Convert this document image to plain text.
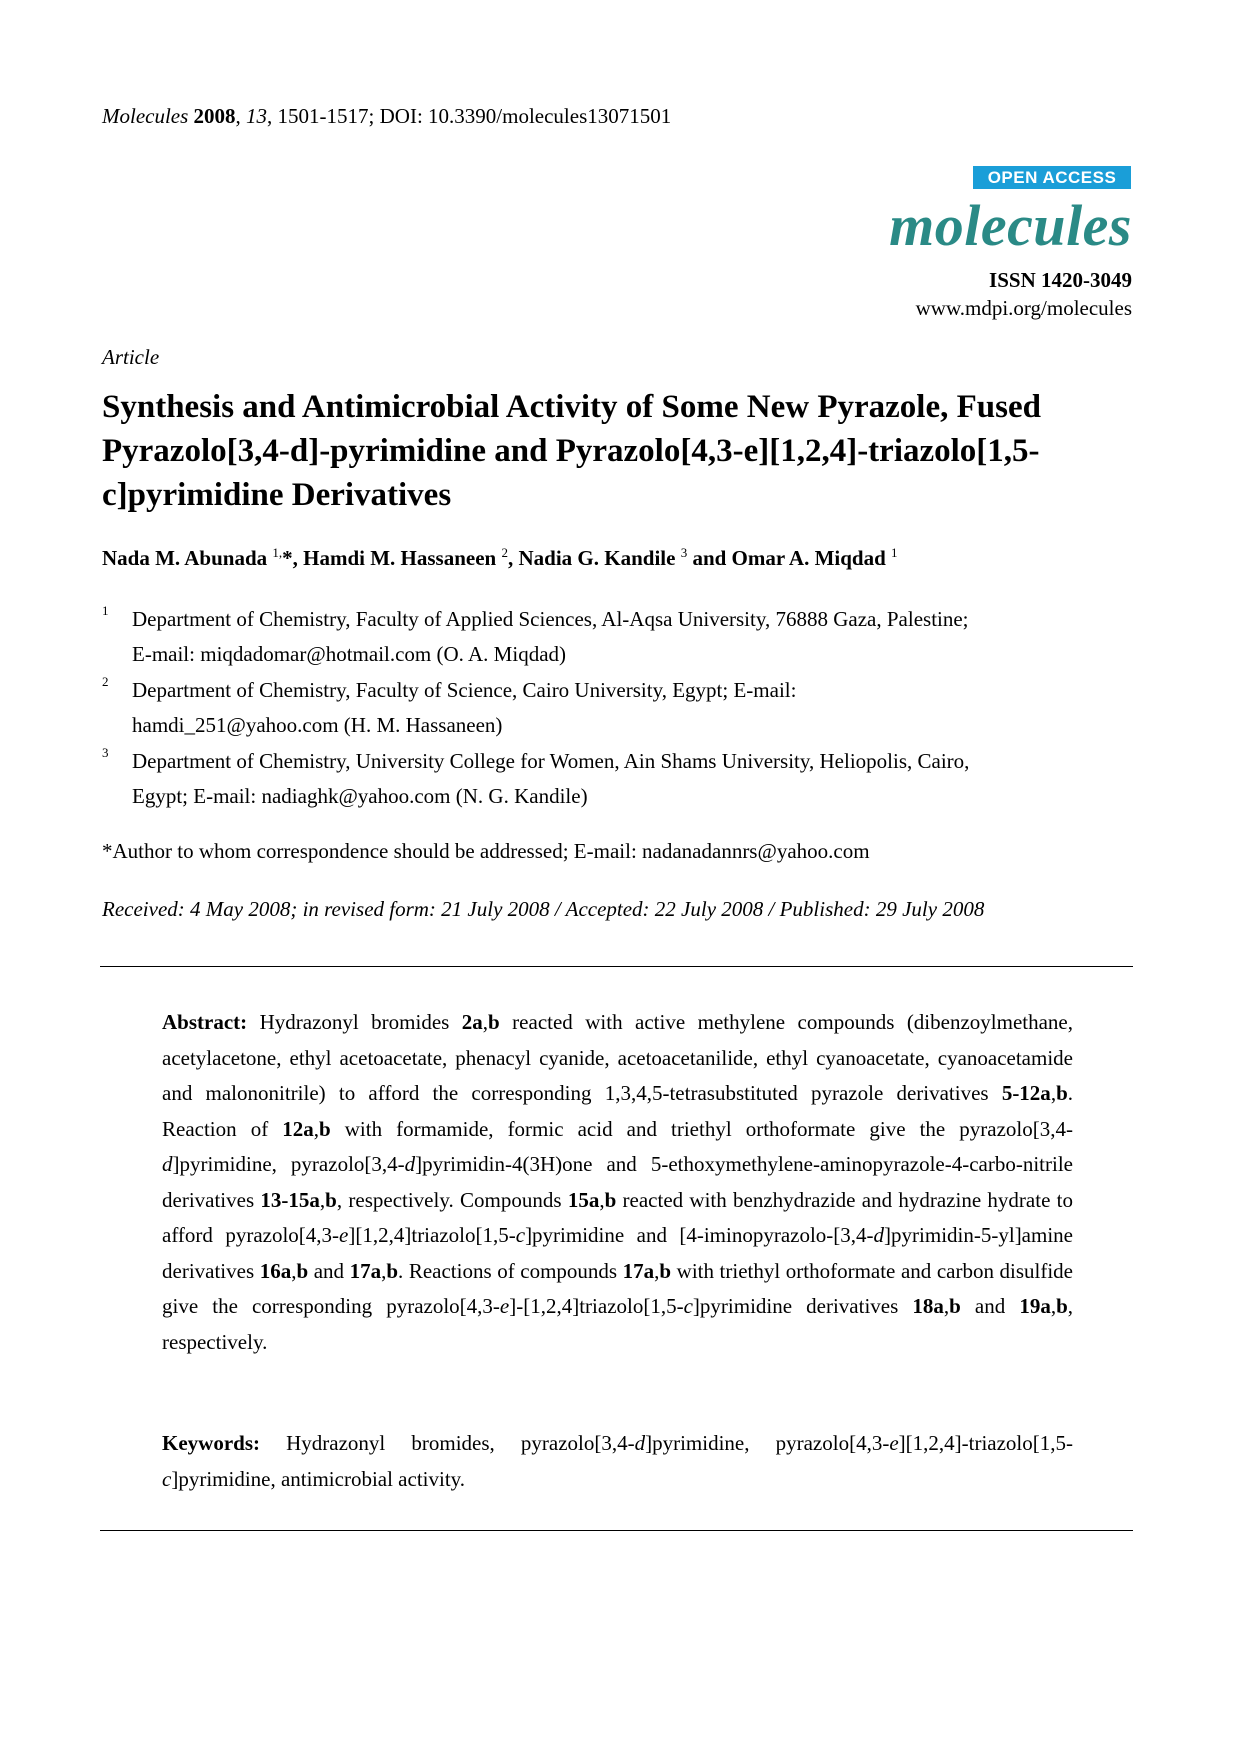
Molecules 2008, 13, 1501-1517; DOI: 10.3390/molecules13071501
OPEN ACCESS
molecules
ISSN 1420-3049
www.mdpi.org/molecules
Article
Synthesis and Antimicrobial Activity of Some New Pyrazole, Fused Pyrazolo[3,4-d]-pyrimidine and Pyrazolo[4,3-e][1,2,4]-triazolo[1,5-c]pyrimidine Derivatives
Nada M. Abunada $^{1,}$*, Hamdi M. Hassaneen $^2$, Nadia G. Kandile $^3$ and Omar A. Miqdad $^1$
1 Department of Chemistry, Faculty of Applied Sciences, Al-Aqsa University, 76888 Gaza, Palestine;
E-mail: miqdadomar@hotmail.com (O. A. Miqdad)
2 Department of Chemistry, Faculty of Science, Cairo University, Egypt; E-mail:
hamdi_251@yahoo.com (H. M. Hassaneen)
3 Department of Chemistry, University College for Women, Ain Shams University, Heliopolis, Cairo,
Egypt; E-mail: nadiaghk@yahoo.com (N. G. Kandile)
*Author to whom correspondence should be addressed; E-mail: nadanadannrs@yahoo.com
Received: 4 May 2008; in revised form: 21 July 2008 / Accepted: 22 July 2008 / Published: 29 July 2008

Abstract: Hydrazonyl bromides 2a,b reacted with active methylene compounds (dibenzoylmethane, acetylacetone, ethyl acetoacetate, phenacyl cyanide, acetoacetanilide, ethyl cyanoacetate, cyanoacetamide and malononitrile) to afford the corresponding 1,3,4,5-tetrasubstituted pyrazole derivatives 5-12a,b. Reaction of 12a,b with formamide, formic acid and triethyl orthoformate give the pyrazolo[3,4-d]pyrimidine, pyrazolo[3,4-d]pyrimidin-4(3H)one and 5-ethoxymethylene-aminopyrazole-4-carbo-nitrile derivatives 13-15a,b, respectively. Compounds 15a,b reacted with benzhydrazide and hydrazine hydrate to afford pyrazolo[4,3-e][1,2,4]triazolo[1,5-c]pyrimidine and [4-iminopyrazolo-[3,4-d]pyrimidin-5-yl]amine derivatives 16a,b and 17a,b. Reactions of compounds 17a,b with triethyl orthoformate and carbon disulfide give the corresponding pyrazolo[4,3-e]-[1,2,4]triazolo[1,5-c]pyrimidine derivatives 18a,b and 19a,b, respectively.

Keywords: Hydrazonyl bromides, pyrazolo[3,4-d]pyrimidine, pyrazolo[4,3-e][1,2,4]-triazolo[1,5-c]pyrimidine, antimicrobial activity.
